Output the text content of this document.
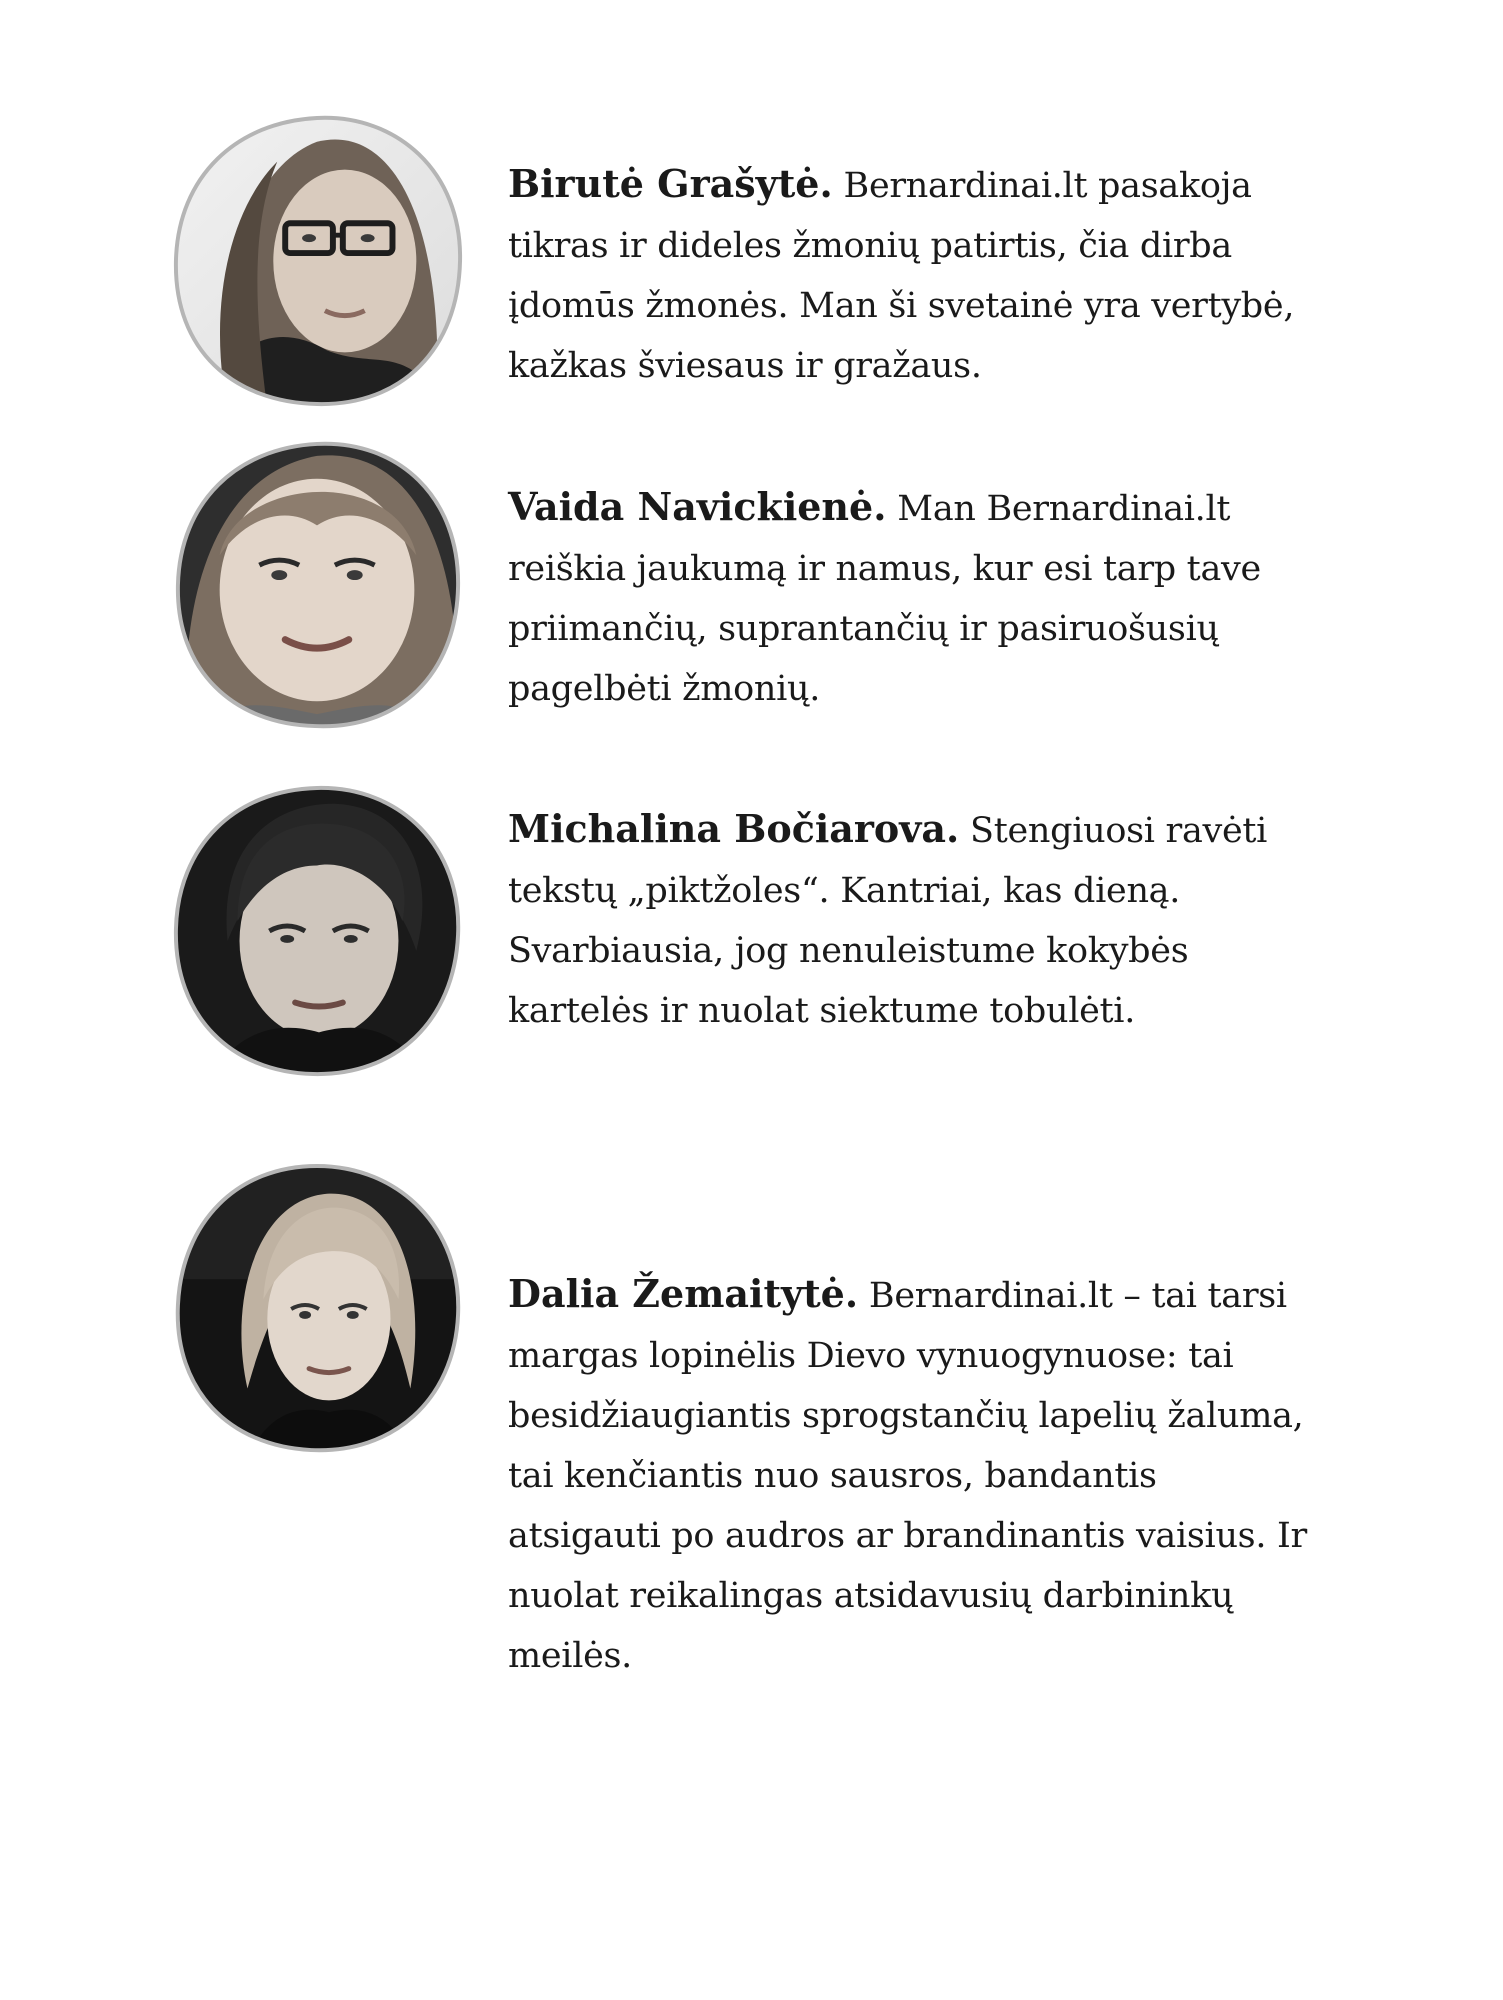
Birutė Grašytė. Bernardinai.lt pasakoja tikras ir dideles žmonių patirtis, čia dirba įdomūs žmonės. Man ši svetainė yra vertybė, kažkas šviesaus ir gražaus.

Vaida Navickienė. Man Bernardinai.lt reiškia jaukumą ir namus, kur esi tarp tave priimančių, suprantančių ir pasiruošusių pagelbėti žmonių.

Michalina Bočiarova. Stengiuosi ravėti tekstų „piktžoles“. Kantriai, kas dieną. Svarbiausia, jog nenuleistume kokybės kartelės ir nuolat siektume tobulėti.

Dalia Žemaitytė. Bernardinai.lt – tai tarsi margas lopinėlis Dievo vynuogynuose: tai besidžiaugiantis sprogstančių lapelių žaluma, tai kenčiantis nuo sausros, bandantis atsigauti po audros ar brandinantis vaisius. Ir nuolat reikalingas atsidavusių darbininkų meilės.
